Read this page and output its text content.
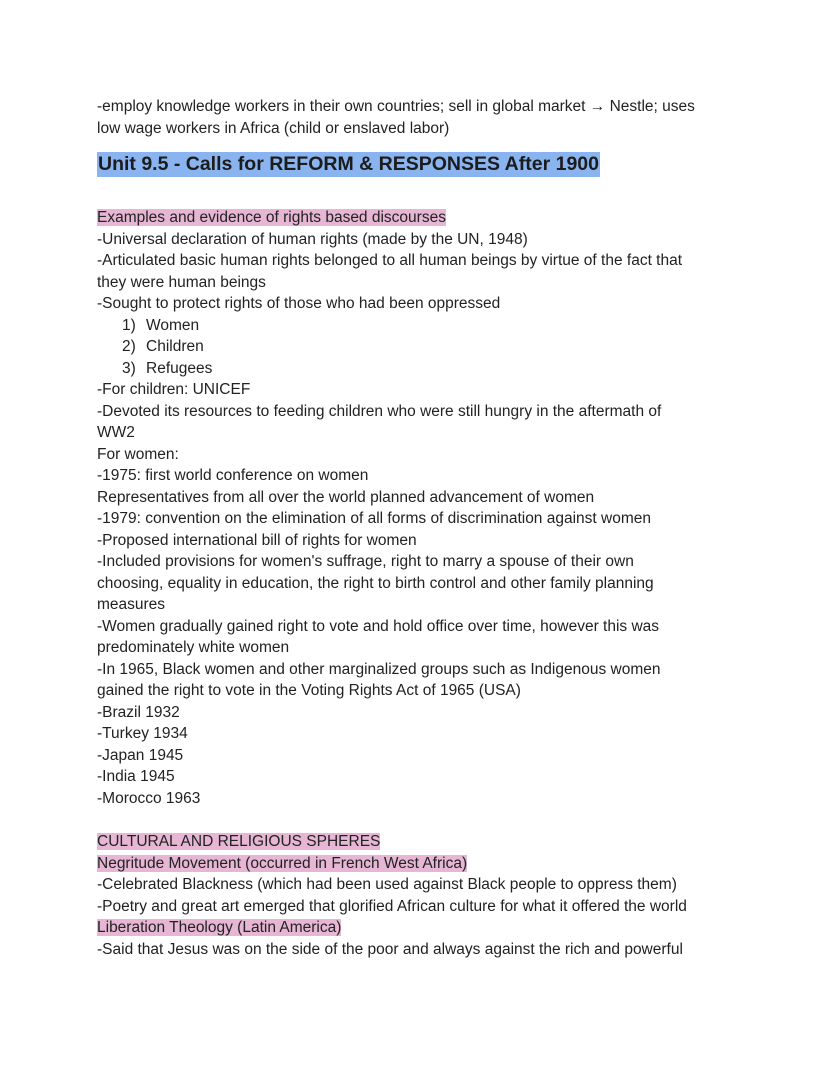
-employ knowledge workers in their own countries; sell in global market → Nestle; uses
low wage workers in Africa (child or enslaved labor)
Unit 9.5 - Calls for REFORM & RESPONSES After 1900
Examples and evidence of rights based discourses
-Universal declaration of human rights (made by the UN, 1948)
-Articulated basic human rights belonged to all human beings by virtue of the fact that
they were human beings
-Sought to protect rights of those who had been oppressed
1) Women
2) Children
3) Refugees
-For children: UNICEF
-Devoted its resources to feeding children who were still hungry in the aftermath of
WW2
For women:
-1975: first world conference on women
Representatives from all over the world planned advancement of women
-1979: convention on the elimination of all forms of discrimination against women
-Proposed international bill of rights for women
-Included provisions for women's suffrage, right to marry a spouse of their own
choosing, equality in education, the right to birth control and other family planning
measures
-Women gradually gained right to vote and hold office over time, however this was
predominately white women
-In 1965, Black women and other marginalized groups such as Indigenous women
gained the right to vote in the Voting Rights Act of 1965 (USA)
-Brazil 1932
-Turkey 1934
-Japan 1945
-India 1945
-Morocco 1963
CULTURAL AND RELIGIOUS SPHERES
Negritude Movement (occurred in French West Africa)
-Celebrated Blackness (which had been used against Black people to oppress them)
-Poetry and great art emerged that glorified African culture for what it offered the world
Liberation Theology (Latin America)
-Said that Jesus was on the side of the poor and always against the rich and powerful
